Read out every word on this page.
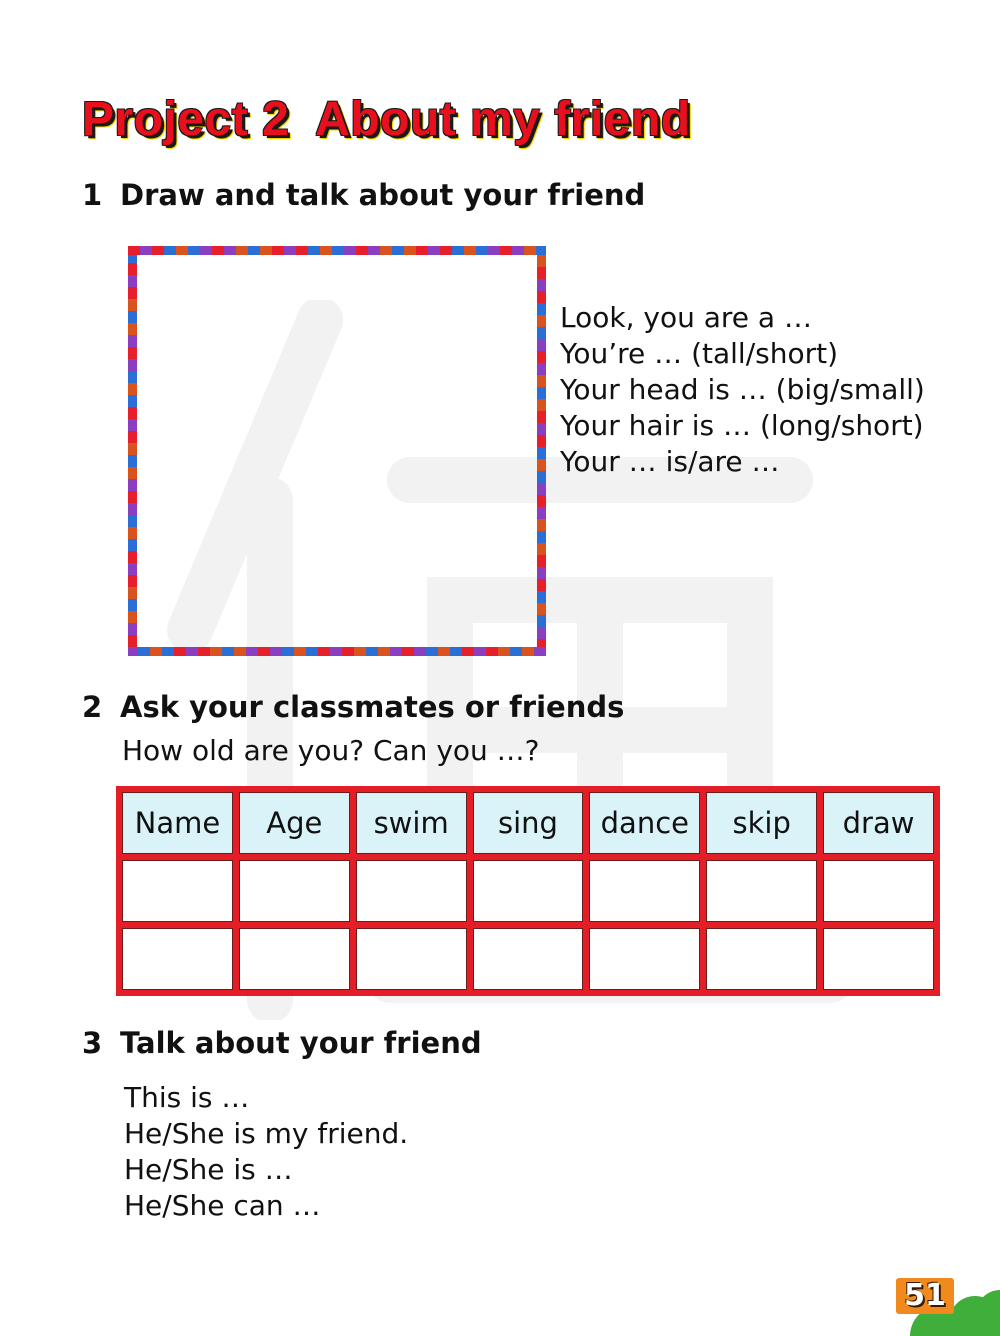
Project 2  About my friend
1 Draw and talk about your friend
Look, you are a …
You’re … (tall/short)
Your head is … (big/small)
Your hair is … (long/short)
Your … is/are …
2 Ask your classmates or friends

How old are you? Can you …?

Name	Age	swim	sing	dance	skip	draw

3 Talk about your friend
This is …
He/She is my friend.
He/She is …
He/She can …
51
